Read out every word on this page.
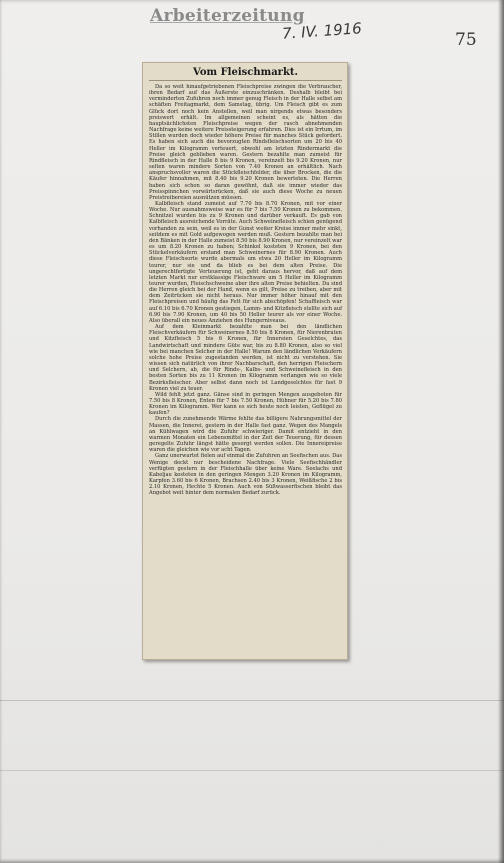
Arbeiterzeitung
7. IV. 1916	75
Vom Fleischmarkt.

Da so weit hinaufgetriebenen Fleischpreise zwingen die Verbraucher, ihren Bedarf auf das Äußerste einzuschränken. Deshalb bleibt bei verminderten Zufuhren noch immer genug Fleisch in der Halle selbst am schäften Freitagmarkt, dem Samstag, übrig. Um Fleisch gibt es zum Glück dort noch kein Anstellen, weil man nirgends etwas besonders preiswert erhält. Im allgemeinen scheint es, als hätten die hauptsächlichsten Fleischpreise wegen der rasch abnehmenden Nachfrage keine weitere Preissteigerung erfahren. Dies ist ein Irrtum, im Stillen wurden doch wieder höhere Preise für manches Stück gefordert. Es haben sich auch die bevorzugten Rindsfleischsorten um 20 bis 40 Heller im Kilogramm verteuert, obwohl am letzten Rindermarkt die Preise gleich geblieben waren. Gestern bezahlte man zumeist für Rindfleisch in der Halle 8 bis 9 Kronen, vereinzelt bis 9.20 Kronen, nur selten waren mindere Sorten von 7.40 Kronen an erhältlich. Nach anspruchsvoller waren die Stückfleischfelder, die über Brocken, die die Käufer hinnahmen, mit 8.40 bis 9.20 Kronen bewerteten. Die Herren haben sich schon so daran gewöhnt, daß sie immer wieder das Preisspinnchen vorwärtsrücken, daß sie auch diese Woche zu neuen Preistreibereien ausnützen müssen.

Kalbfleisch stand zumeist auf 7.70 bis 8.70 Kronen, mit vor einer Woche. Nur ausnahmsweise war es für 7 bis 7.50 Kronen zu bekommen. Schnitzel wurden bis zu 9 Kronen und darüber verkauft. Es gab von Kalbfleisch ausreichende Vorräte. Auch Schweinefleisch schien genügend vorhanden zu sein, weil es in der Gunst weiter Kreise immer mehr sinkt, seitdem es mit Gold aufgewogen werden muß. Gestern bezahlte man bei den Bänken in der Halle zumeist 8.50 bis 8.90 Kronen, nur vereinzelt war es um 8.20 Kronen zu haben; Schinkel kosteten 9 Kronen, bei den Stückelverkäufern erstand man Schweinernes für 8.90 Kronen. Auch diese Fleischsorte wurde abermals um etwa 20 Heller im Kilogramm teurer, nur sie und da blieb es bei dem alten Preise. Die ungerechtfertigte Verteuerung ist, geht daraus hervor, daß auf dem letzten Markt nur erstklassige Fleischware um 5 Heller im Kilogramm teurer wurden, Fleischschweine aber ihre alten Preise behielten. Da sind die Herren gleich bei der Hand, wenn es gilt, Preise zu treiben, aber mit dem Zeitrücken sie nicht heraus. Nur immer höher hinauf mit den Fleischpreisen und häufig das Fett für sich abschöpfen! Schaffleisch war auf 6.10 bis 6.70 Kronen gestiegen, Lamm- und Kitzfleisch stellte sich auf 6.90 bis 7.90 Kronen, um 40 bis 50 Heller teurer als vor einer Woche. Also überall ein neues Anziehen des Hungerniveaus.

Auf dem Kleinmarkt bezahlte man bei den ländlichen Fleischverkäufern für Schweinernes 8.50 bis 8 Kronen, für Nierenbraten und Kitzfleisch 5 bis 6 Kronen, für Innereien Geselchtes, das Landwirtschaft und mindere Güte war, bis zu 8.80 Kronen, also so viel wie bei manchen Selcher in der Halle! Warum den ländlichen Verkäufern solche hohe Preise zugestanden werden, ist nicht zu verstehen. Sie wissen sich natürlich von ihrer Nachbarschaft, den herrigen Fleischern und Selchern, ab, die für Rinds-, Kalbs- und Schweinefleisch in den besten Sorten bis zu 11 Kronen im Kilogramm verlangen wie so viele Bezirksfleischer. Aber selbst dann noch ist Landgeselchtes für fast 9 Kronen viel zu teuer.

Wild fehlt jetzt ganz. Gänse sind in geringen Mengen ausgeboten für 7.50 bis 8 Kronen, Enten für 7 bis 7.50 Kronen, Hühner für 5.20 bis 7.80 Kronen im Kilogramm. Wer kann es sich heute noch leisten, Geflügel zu kaufen?

Durch die zunehmende Wärme fehlte das billigere Nahrungsmittel der Massen, die Innerei, gestern in der Halle fast ganz. Wegen des Mangels an Kühlwagen wird die Zufuhr schwieriger. Damit entzieht in den warmen Monaten ein Lebensmittel in der Zeit der Teuerung, für dessen geregelte Zufuhr längst hätte gesorgt werden sollen. Die Innereipreise waren die gleichen wie vor acht Tagen.

Ganz unerwartet fielen auf einmal die Zufuhren an Seefischen aus. Das Wenige deckt nur bescheidene Nachfrage. Viele Seefischhändler verfügten gestern in der Fleischhalle über keine Ware. Seelachs und Kabeljau kosteten in den geringen Mengen 3.20 Kronen im Kilogramm, Karpfen 3.60 bis 6 Kronen, Brachsen 2.40 bis 3 Kronen, Weißfische 2 bis 2.10 Kronen, Hechte 5 Kronen. Auch von Süßwasserfischen bleibt das Angebot weit hinter dem normalen Bedarf zurück.
